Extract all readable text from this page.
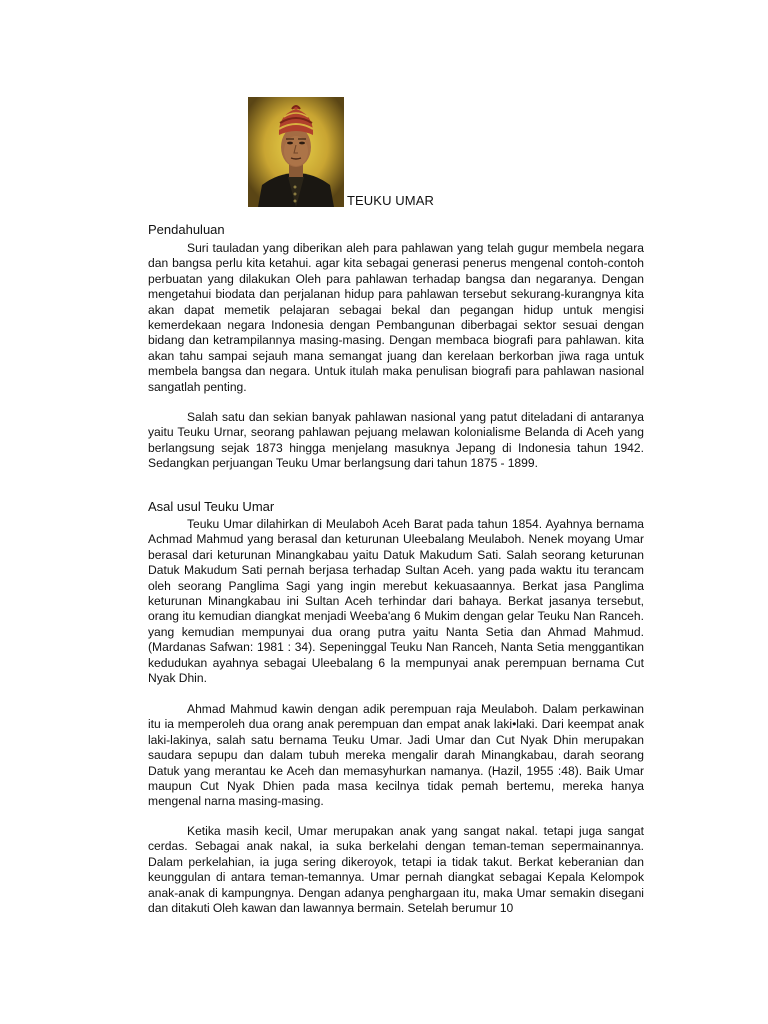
TEUKU UMAR
Pendahuluan

Suri tauladan yang diberikan aleh para pahlawan yang telah gugur membela negara dan bangsa perlu kita ketahui. agar kita sebagai generasi penerus mengenal contoh-contoh perbuatan yang dilakukan Oleh para pahlawan terhadap bangsa dan negaranya. Dengan mengetahui biodata dan perjalanan hidup para pahlawan tersebut sekurang-kurangnya kita akan dapat memetik pelajaran sebagai bekal dan pegangan hidup untuk mengisi kemerdekaan negara Indonesia dengan Pembangunan diberbagai sektor sesuai dengan bidang dan ketrampilannya masing-masing. Dengan membaca biografi para pahlawan. kita akan tahu sampai sejauh mana semangat juang dan kerelaan berkorban jiwa raga untuk membela bangsa dan negara. Untuk itulah maka penulisan biografi para pahlawan nasional sangatlah penting.

Salah satu dan sekian banyak pahlawan nasional yang patut diteladani di antaranya yaitu Teuku Urnar, seorang pahlawan pejuang melawan kolonialisme Belanda di Aceh yang berlangsung sejak 1873 hingga menjelang masuknya Jepang di Indonesia tahun 1942. Sedangkan perjuangan Teuku Umar berlangsung dari tahun 1875 - 1899.

Asal usul Teuku Umar

Teuku Umar dilahirkan di Meulaboh Aceh Barat pada tahun 1854. Ayahnya bernama Achmad Mahmud yang berasal dan keturunan Uleebalang Meulaboh. Nenek moyang Umar berasal dari keturunan Minangkabau yaitu Datuk Makudum Sati. Salah seorang keturunan Datuk Makudum Sati pernah berjasa terhadap Sultan Aceh. yang pada waktu itu terancam oleh seorang Panglima Sagi yang ingin merebut kekuasaannya. Berkat jasa Panglima keturunan Minangkabau ini Sultan Aceh terhindar dari bahaya. Berkat jasanya tersebut, orang itu kemudian diangkat menjadi Weeba'ang 6 Mukim dengan gelar Teuku Nan Ranceh. yang kemudian mempunyai dua orang putra yaitu Nanta Setia dan Ahmad Mahmud. (Mardanas Safwan: 1981 : 34). Sepeninggal Teuku Nan Ranceh, Nanta Setia menggantikan kedudukan ayahnya sebagai Uleebalang 6 la mempunyai anak perempuan bernama Cut Nyak Dhin.

Ahmad Mahmud kawin dengan adik perempuan raja Meulaboh. Dalam perkawinan itu ia memperoleh dua orang anak perempuan dan empat anak laki•laki. Dari keempat anak laki-lakinya, salah satu bernama Teuku Umar. Jadi Umar dan Cut Nyak Dhin merupakan saudara sepupu dan dalam tubuh mereka mengalir darah Minangkabau, darah seorang Datuk yang merantau ke Aceh dan memasyhurkan namanya. (Hazil, 1955 :48). Baik Umar maupun Cut Nyak Dhien pada masa kecilnya tidak pemah bertemu, mereka hanya mengenal narna masing-masing.

Ketika masih kecil, Umar merupakan anak yang sangat nakal. tetapi juga sangat cerdas. Sebagai anak nakal, ia suka berkelahi dengan teman-teman sepermainannya. Dalam perkelahian, ia juga sering dikeroyok, tetapi ia tidak takut. Berkat keberanian dan keunggulan di antara teman-temannya. Umar pernah diangkat sebagai Kepala Kelompok anak-anak di kampungnya. Dengan adanya penghargaan itu, maka Umar semakin disegani dan ditakuti Oleh kawan dan lawannya bermain. Setelah berumur 10
